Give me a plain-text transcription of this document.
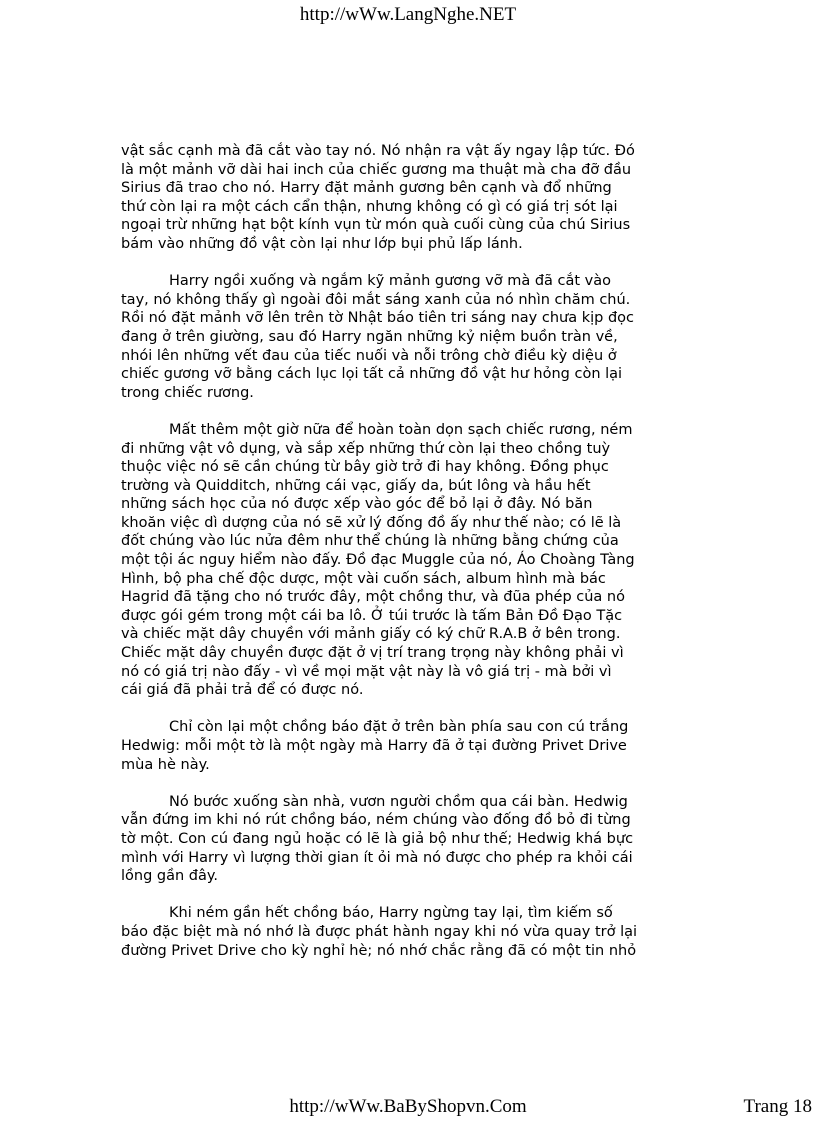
http://wWw.LangNghe.NET

vật sắc cạnh mà đã cắt vào tay nó. Nó nhận ra vật ấy ngay lập tức. Đó
là một mảnh vỡ dài hai inch của chiếc gương ma thuật mà cha đỡ đầu
Sirius đã trao cho nó. Harry đặt mảnh gương bên cạnh và đổ những
thứ còn lại ra một cách cẩn thận, nhưng không có gì có giá trị sót lại
ngoại trừ những hạt bột kính vụn từ món quà cuối cùng của chú Sirius
bám vào những đồ vật còn lại như lớp bụi phủ lấp lánh.

Harry ngồi xuống và ngắm kỹ mảnh gương vỡ mà đã cắt vào
tay, nó không thấy gì ngoài đôi mắt sáng xanh của nó nhìn chăm chú.
Rồi nó đặt mảnh vỡ lên trên tờ Nhật báo tiên tri sáng nay chưa kịp đọc
đang ở trên giường, sau đó Harry ngăn những kỷ niệm buồn tràn về,
nhói lên những vết đau của tiếc nuối và nỗi trông chờ điều kỳ diệu ở
chiếc gương vỡ bằng cách lục lọi tất cả những đồ vật hư hỏng còn lại
trong chiếc rương.

Mất thêm một giờ nữa để hoàn toàn dọn sạch chiếc rương, ném
đi những vật vô dụng, và sắp xếp những thứ còn lại theo chồng tuỳ
thuộc việc nó sẽ cần chúng từ bây giờ trở đi hay không. Đồng phục
trường và Quidditch, những cái vạc, giấy da, bút lông và hầu hết
những sách học của nó được xếp vào góc để bỏ lại ở đây. Nó băn
khoăn việc dì dượng của nó sẽ xử lý đống đồ ấy như thế nào; có lẽ là
đốt chúng vào lúc nửa đêm như thể chúng là những bằng chứng của
một tội ác nguy hiểm nào đấy. Đồ đạc Muggle của nó, Áo Choàng Tàng
Hình, bộ pha chế độc dược, một vài cuốn sách, album hình mà bác
Hagrid đã tặng cho nó trước đây, một chồng thư, và đũa phép của nó
được gói gém trong một cái ba lô. Ở túi trước là tấm Bản Đồ Đạo Tặc
và chiếc mặt dây chuyền với mảnh giấy có ký chữ R.A.B ở bên trong.
Chiếc mặt dây chuyền được đặt ở vị trí trang trọng này không phải vì
nó có giá trị nào đấy - vì về mọi mặt vật này là vô giá trị - mà bởi vì
cái giá đã phải trả để có được nó.

Chỉ còn lại một chồng báo đặt ở trên bàn phía sau con cú trắng
Hedwig: mỗi một tờ là một ngày mà Harry đã ở tại đường Privet Drive
mùa hè này.

Nó bước xuống sàn nhà, vươn người chồm qua cái bàn. Hedwig
vẫn đứng im khi nó rút chồng báo, ném chúng vào đống đồ bỏ đi từng
tờ một. Con cú đang ngủ hoặc có lẽ là giả bộ như thế; Hedwig khá bực
mình với Harry vì lượng thời gian ít ỏi mà nó được cho phép ra khỏi cái
lồng gần đây.

Khi ném gần hết chồng báo, Harry ngừng tay lại, tìm kiếm số
báo đặc biệt mà nó nhớ là được phát hành ngay khi nó vừa quay trở lại
đường Privet Drive cho kỳ nghỉ hè; nó nhớ chắc rằng đã có một tin nhỏ

http://wWw.BaByShopvn.Com	Trang 18
